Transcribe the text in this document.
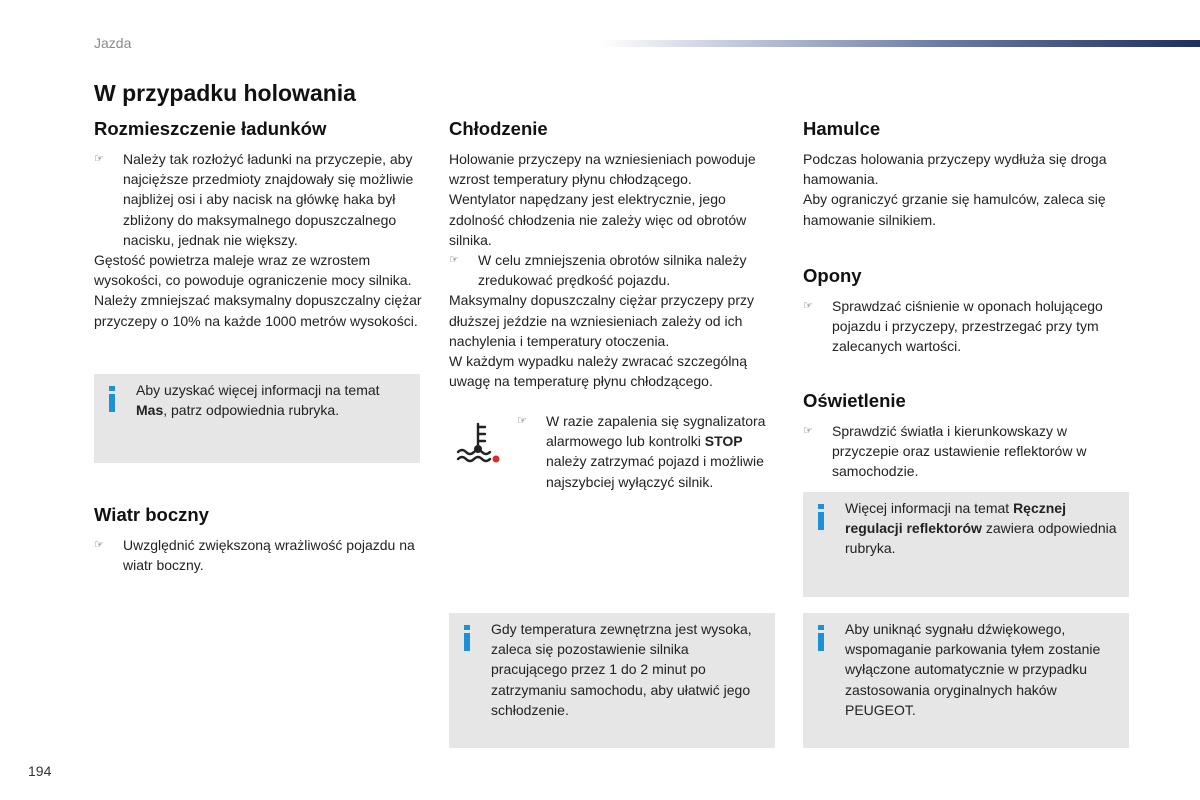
Jazda
W przypadku holowania
Rozmieszczenie ładunków
☞ Należy tak rozłożyć ładunki na przyczepie, aby najcięższe przedmioty znajdowały się możliwie najbliżej osi i aby nacisk na główkę haka był zbliżony do maksymalnego dopuszczalnego nacisku, jednak nie większy.

Gęstość powietrza maleje wraz ze wzrostem wysokości, co powoduje ograniczenie mocy silnika. Należy zmniejszać maksymalny dopuszczalny ciężar przyczepy o 10% na każde 1000 metrów wysokości.

Aby uzyskać więcej informacji na temat Mas, patrz odpowiednia rubryka.
Wiatr boczny
☞ Uwzględnić zwiększoną wrażliwość pojazdu na wiatr boczny.

Chłodzenie

Holowanie przyczepy na wzniesieniach powoduje wzrost temperatury płynu chłodzącego.

Wentylator napędzany jest elektrycznie, jego zdolność chłodzenia nie zależy więc od obrotów silnika.

☞ W celu zmniejszenia obrotów silnika należy zredukować prędkość pojazdu.

Maksymalny dopuszczalny ciężar przyczepy przy dłuższej jeździe na wzniesieniach zależy od ich nachylenia i temperatury otoczenia.

W każdym wypadku należy zwracać szczególną uwagę na temperaturę płynu chłodzącego.

☞ W razie zapalenia się sygnalizatora alarmowego lub kontrolki STOP należy zatrzymać pojazd i możliwie najszybciej wyłączyć silnik.

Gdy temperatura zewnętrzna jest wysoka, zaleca się pozostawienie silnika pracującego przez 1 do 2 minut po zatrzymaniu samochodu, aby ułatwić jego schłodzenie.
Hamulce

Podczas holowania przyczepy wydłuża się droga hamowania.

Aby ograniczyć grzanie się hamulców, zaleca się hamowanie silnikiem.

Opony
☞ Sprawdzać ciśnienie w oponach holującego pojazdu i przyczepy, przestrzegać przy tym zalecanych wartości.

Oświetlenie
☞ Sprawdzić światła i kierunkowskazy w przyczepie oraz ustawienie reflektorów w samochodzie.

Więcej informacji na temat Ręcznej regulacji reflektorów zawiera odpowiednia rubryka.
Aby uniknąć sygnału dźwiękowego, wspomaganie parkowania tyłem zostanie wyłączone automatycznie w przypadku zastosowania oryginalnych haków PEUGEOT.
194
